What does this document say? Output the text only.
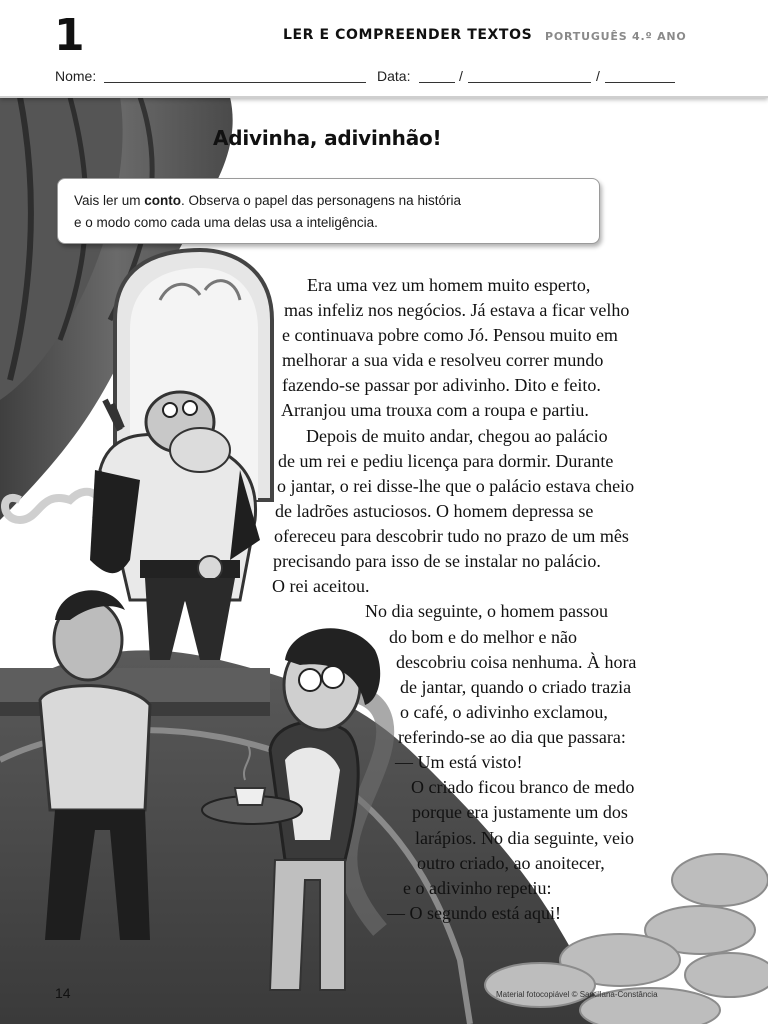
1	LER E COMPREENDER TEXTOS PORTUGUÊS 4.º ANO
Nome:	Data:	/	/
Adivinha, adivinhão!
Vais ler um conto. Observa o papel das personagens na história
e o modo como cada uma delas usa a inteligência.
Era uma vez um homem muito esperto,
mas infeliz nos negócios. Já estava a ficar velho
e continuava pobre como Jó. Pensou muito em
melhorar a sua vida e resolveu correr mundo
fazendo-se passar por adivinho. Dito e feito.
Arranjou uma trouxa com a roupa e partiu.
Depois de muito andar, chegou ao palácio
de um rei e pediu licença para dormir. Durante
o jantar, o rei disse-lhe que o palácio estava cheio
de ladrões astuciosos. O homem depressa se
ofereceu para descobrir tudo no prazo de um mês
precisando para isso de se instalar no palácio.
O rei aceitou.
No dia seguinte, o homem passou
do bom e do melhor e não
descobriu coisa nenhuma. À hora
de jantar, quando o criado trazia
o café, o adivinho exclamou,
referindo-se ao dia que passara:
— Um está visto!
O criado ficou branco de medo
porque era justamente um dos
larápios. No dia seguinte, veio
outro criado, ao anoitecer,
e o adivinho repetiu:
— O segundo está aqui!
14	Material fotocopiável © Santillana-Constância
